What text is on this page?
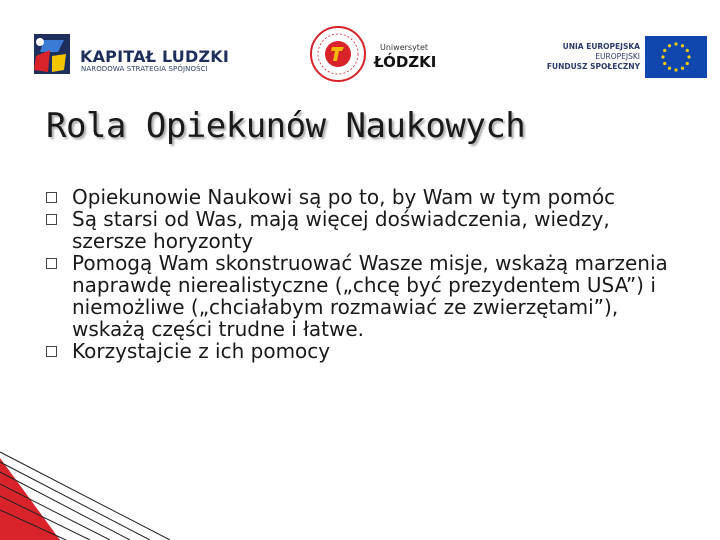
KAPITAŁ LUDZKI
NARODOWA STRATEGIA SPÓJNOŚCI
Uniwersytet
ŁÓDZKI
UNIA EUROPEJSKA
EUROPEJSKI
FUNDUSZ SPOŁECZNY
Rola Opiekunów Naukowych
Opiekunowie Naukowi są po to, by Wam w tym pomóc
Są starsi od Was, mają więcej doświadczenia, wiedzy, szersze horyzonty
Pomogą Wam skonstruować Wasze misje, wskażą marzenia naprawdę nierealistyczne („chcę być prezydentem USA”) i niemożliwe („chciałabym rozmawiać ze zwierzętami”), wskażą części trudne i łatwe.
Korzystajcie z ich pomocy
